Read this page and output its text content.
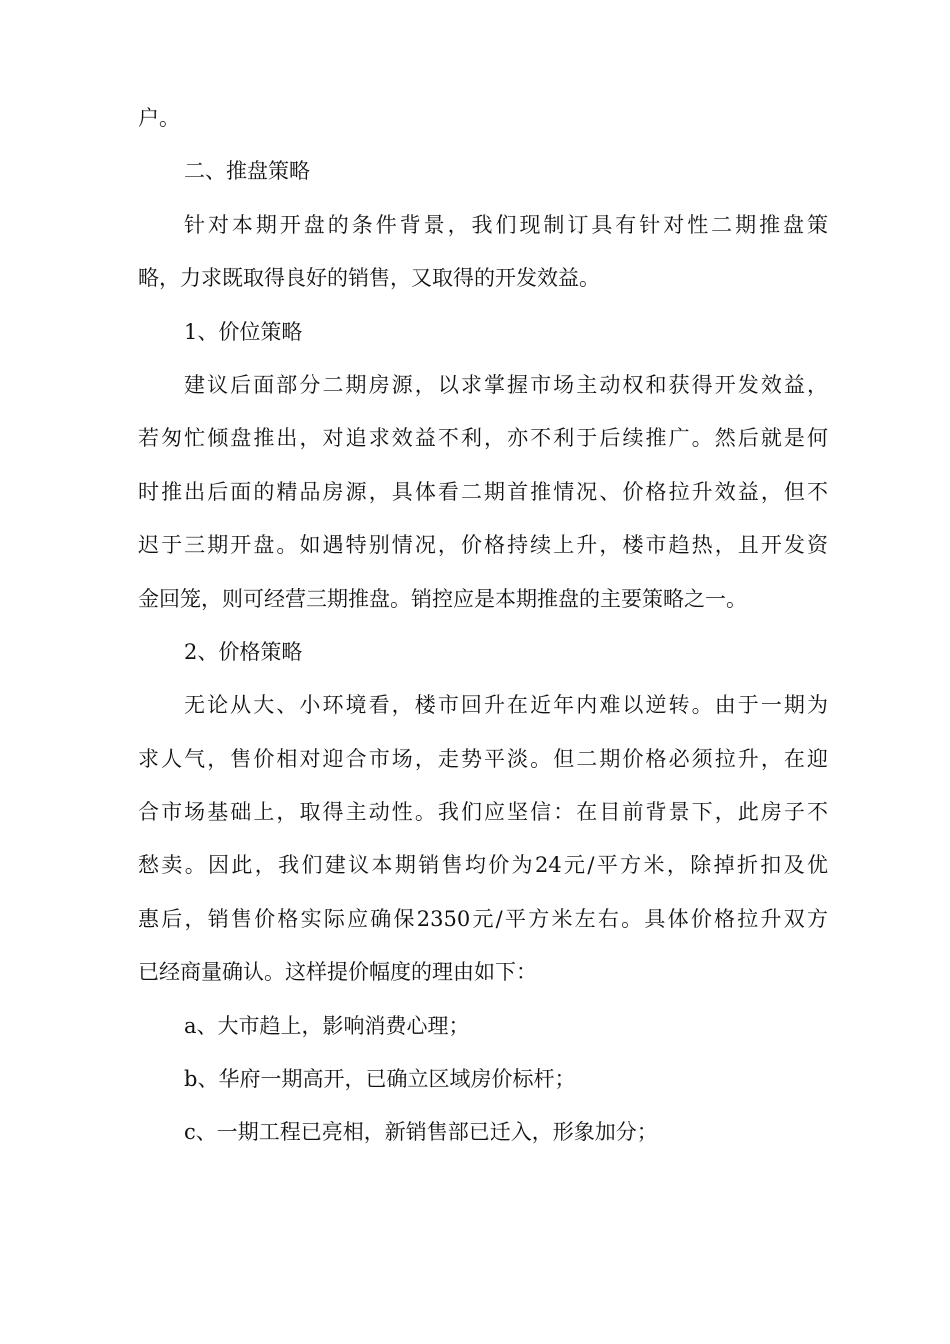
户。
二、推盘策略
针对本期开盘的条件背景，我们现制订具有针对性二期推盘策
略，力求既取得良好的销售，又取得的开发效益。
1、价位策略
建议后面部分二期房源，以求掌握市场主动权和获得开发效益，
若匆忙倾盘推出，对追求效益不利，亦不利于后续推广。然后就是何
时推出后面的精品房源，具体看二期首推情况、价格拉升效益，但不
迟于三期开盘。如遇特别情况，价格持续上升，楼市趋热，且开发资
金回笼，则可经营三期推盘。销控应是本期推盘的主要策略之一。
2、价格策略
无论从大、小环境看，楼市回升在近年内难以逆转。由于一期为
求人气，售价相对迎合市场，走势平淡。但二期价格必须拉升，在迎
合市场基础上，取得主动性。我们应坚信：在目前背景下，此房子不
愁卖。因此，我们建议本期销售均价为24元/平方米，除掉折扣及优
惠后，销售价格实际应确保2350元/平方米左右。具体价格拉升双方
已经商量确认。这样提价幅度的理由如下：
a、大市趋上，影响消费心理；
b、华府一期高开，已确立区域房价标杆；
c、一期工程已亮相，新销售部已迁入，形象加分；
